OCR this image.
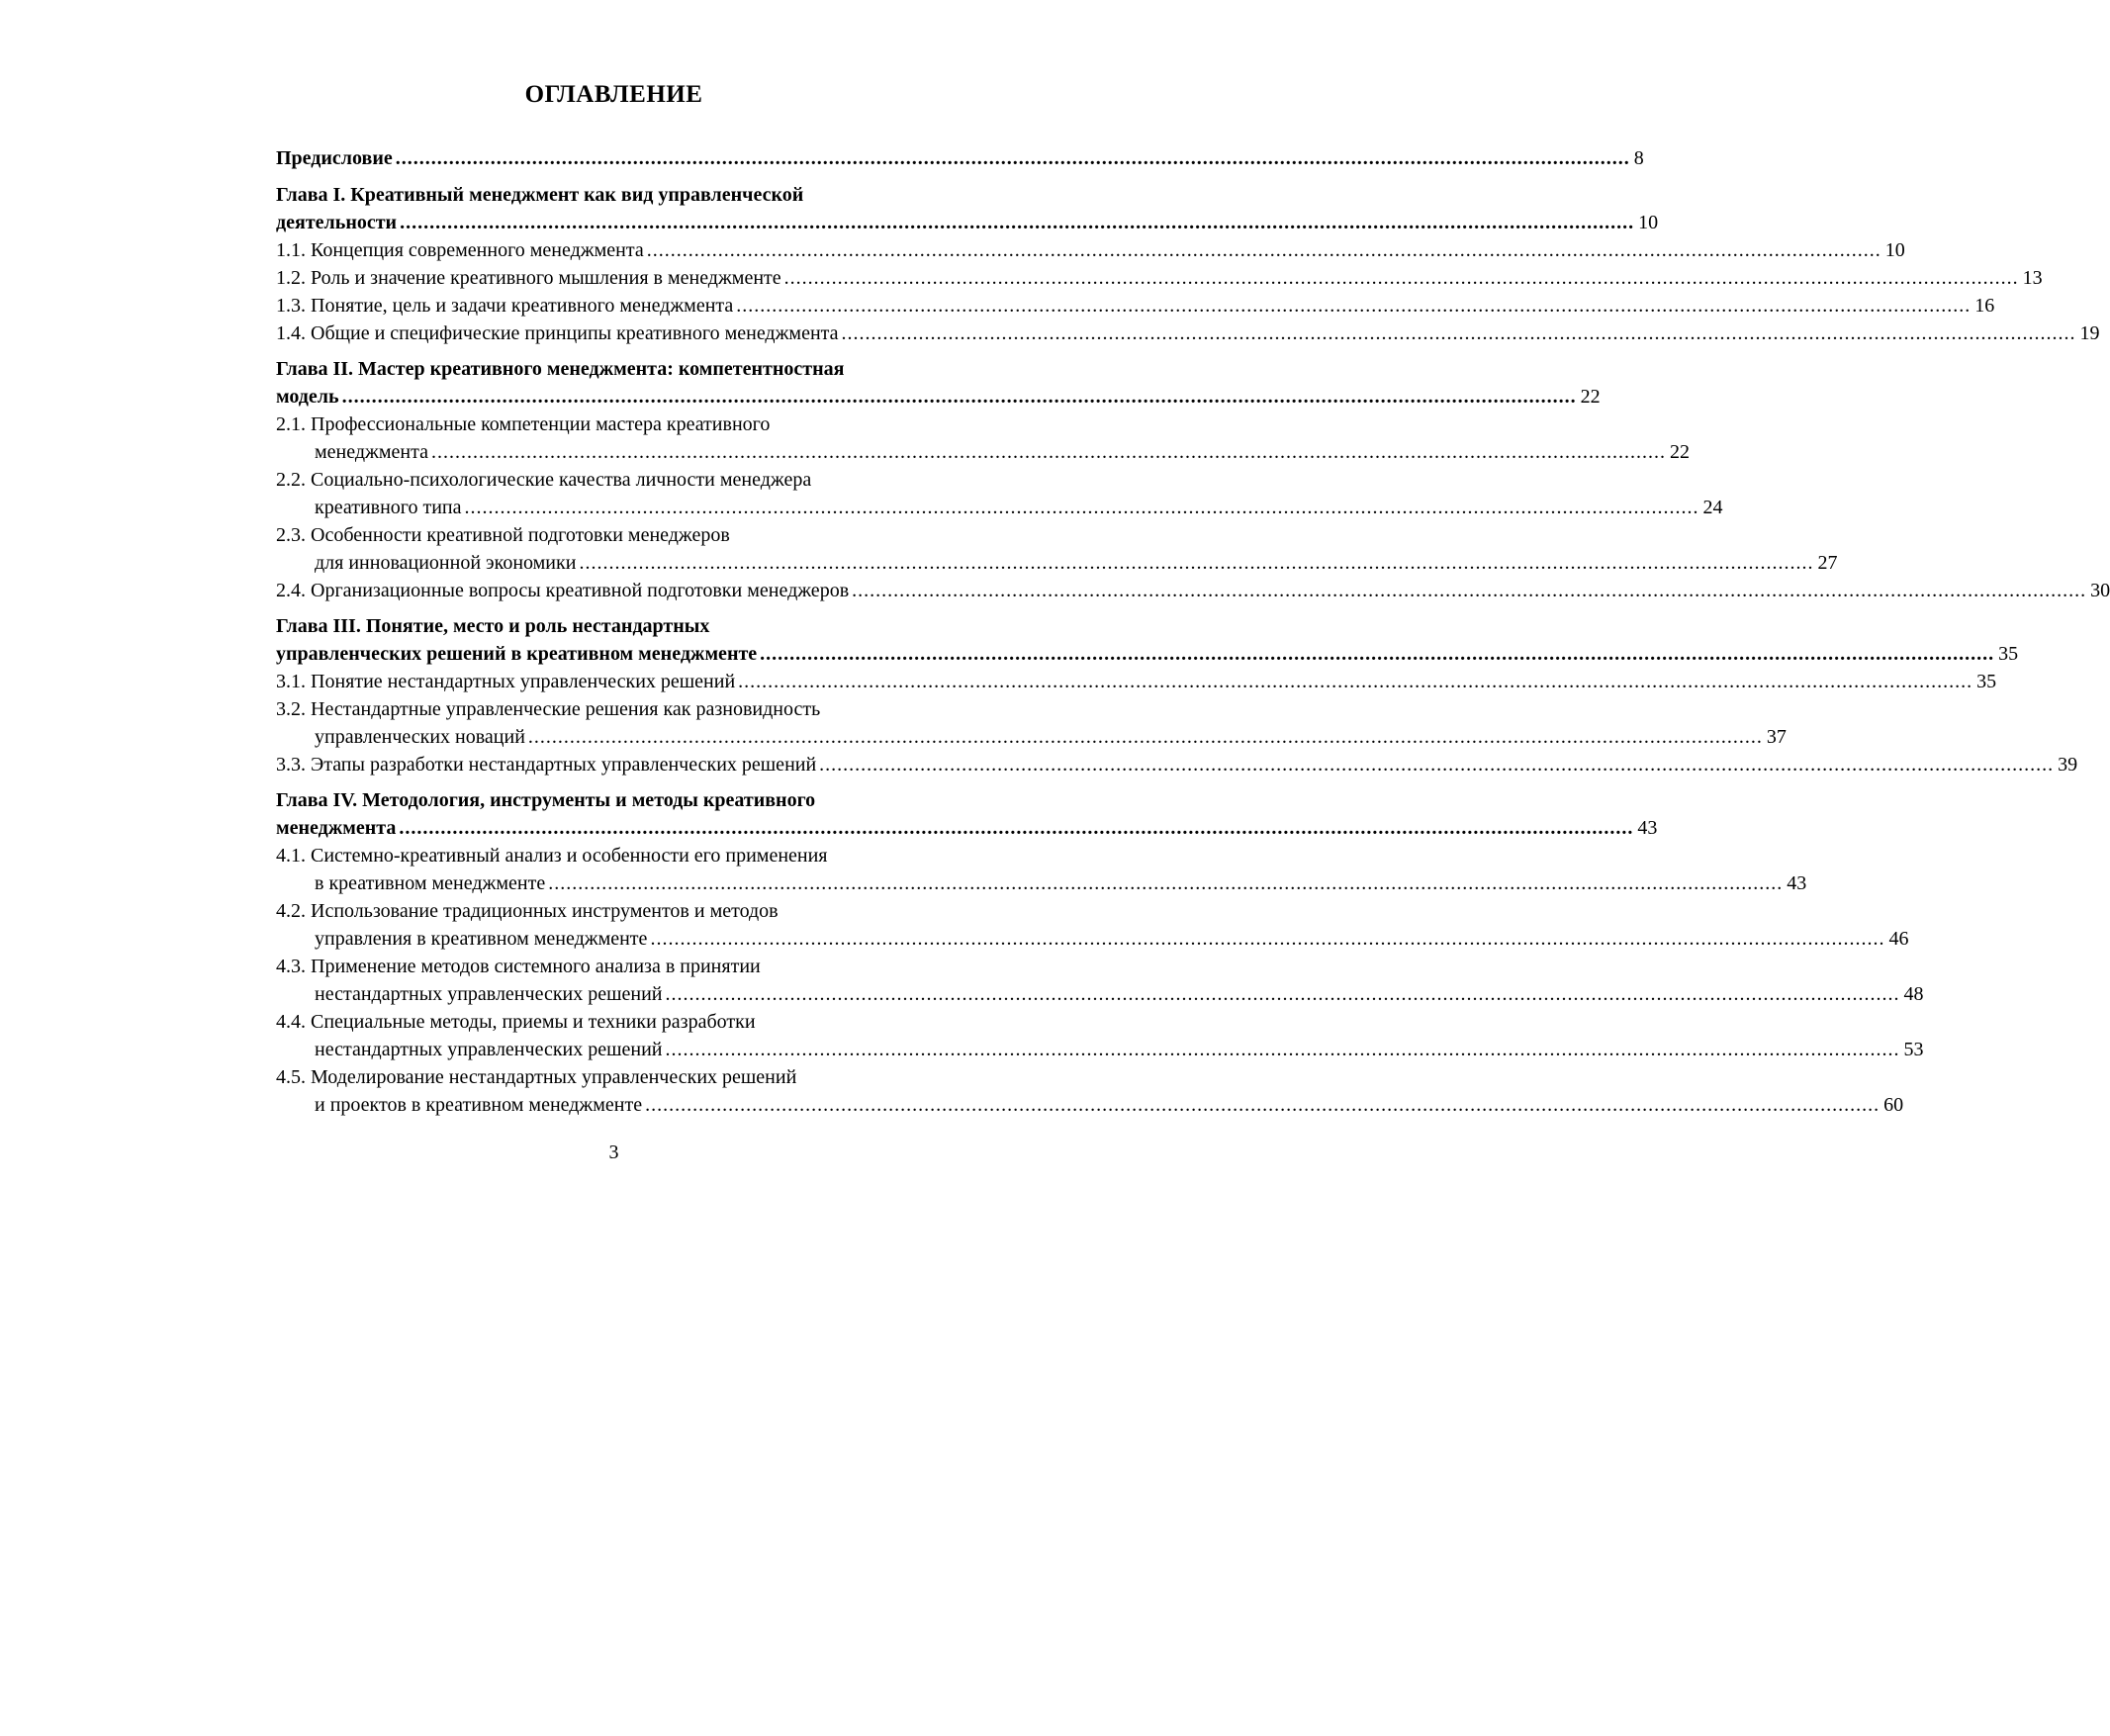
ОГЛАВЛЕНИЕ
Предисловие .....	8
Глава I. Креативный менеджмент как вид управленческой
деятельности .....	10
1.1. Концепция современного менеджмента .....	10
1.2. Роль и значение креативного мышления в менеджменте .....	13
1.3. Понятие, цель и задачи креативного менеджмента .....	16
1.4. Общие и специфические принципы креативного менеджмента .....	19
Глава II. Мастер креативного менеджмента: компетентностная
модель .....	22
2.1. Профессиональные компетенции мастера креативного
менеджмента .....	22
2.2. Социально-психологические качества личности менеджера
креативного типа .....	24
2.3. Особенности креативной подготовки менеджеров
для инновационной экономики .....	27
2.4. Организационные вопросы креативной подготовки менеджеров .....	30
Глава III. Понятие, место и роль нестандартных
управленческих решений в креативном менеджменте .....	35
3.1. Понятие нестандартных управленческих решений .....	35
3.2. Нестандартные управленческие решения как разновидность
управленческих новаций .....	37
3.3. Этапы разработки нестандартных управленческих решений .....	39
Глава IV. Методология, инструменты и методы креативного
менеджмента .....	43
4.1. Системно-креативный анализ и особенности его применения
в креативном менеджменте .....	43
4.2. Использование традиционных инструментов и методов
управления в креативном менеджменте .....	46
4.3. Применение методов системного анализа в принятии
нестандартных управленческих решений .....	48
4.4. Специальные методы, приемы и техники разработки
нестандартных управленческих решений .....	53
4.5. Моделирование нестандартных управленческих решений
и проектов в креативном менеджменте .....	60
3
